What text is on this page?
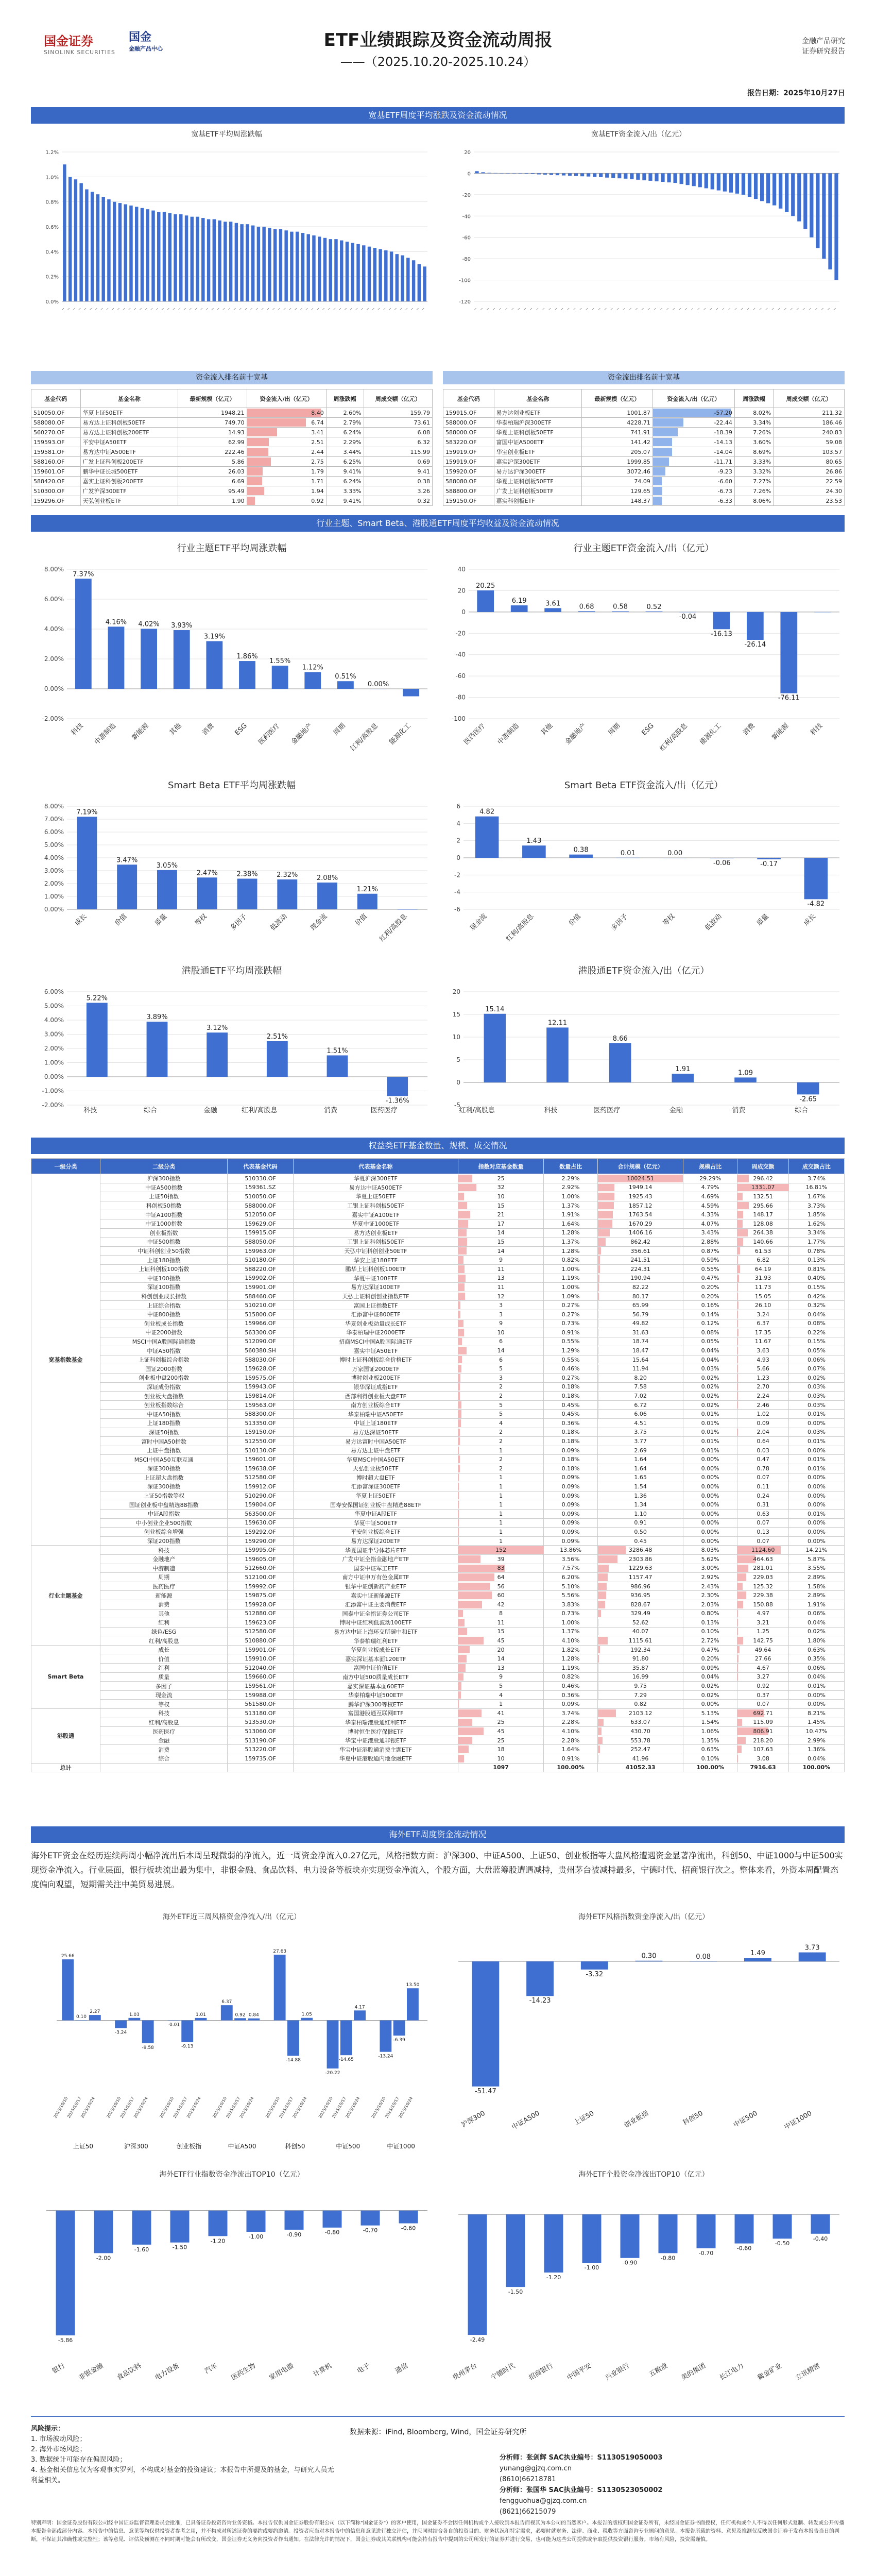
国金证券
SINOLINK SECURITIES
国金
金融产品中心	ETF业绩跟踪及资金流动周报
——（2025.10.20-2025.10.24）
金融产品研究
证券研究报告
报告日期：2025年10月27日
宽基ETF周度平均涨跌及资金流动情况
宽基ETF平均周涨跌幅	宽基ETF资金流入/出（亿元）
1.2%
1.0%
0.8%
0.6%
0.4%
0.2%
0.0%
— — — — — — — — — — — — — — — — — — — — — — — — — — — — — — — — — — — — — — — — — — — — — — — — — — — — — — — — — — — — — — — — — —
20
0
-20
-40
-60
-80
-100
-120
— — — — — — — — — — — — — — — — — — — — — — — — — — — — — — — — — — — — — — — — — — — — — — — — — — — — — — — — — — —
资金流入排名前十宽基	资金流出排名前十宽基
基金代码	基金名称	最新规模（亿元）	资金流入/出（亿元）	周涨跌幅	周成交额（亿元）
510050.OF	华夏上证50ETF	1948.21	8.40	2.60%	159.79
588080.OF	易方达上证科创板50ETF	749.70	6.74	2.79%	73.61
560270.OF	易方达上证科创板200ETF	14.93	3.41	6.24%	6.08
159593.OF	平安中证A50ETF	62.99	2.51	2.29%	6.32
159581.OF	易方达中证A500ETF	222.46	2.44	3.44%	115.99
588160.OF	广发上证科创板200ETF	5.86	2.75	6.25%	0.69
159601.OF	鹏华中证长城500ETF	26.03	1.79	9.41%	9.41
588420.OF	嘉实上证科创板200ETF	6.69	1.71	6.24%	0.38
510300.OF	广发沪深300ETF	95.49	1.94	3.33%	3.26
159296.OF	天弘创业板ETF	1.90	0.92	9.41%	0.32
基金代码	基金名称	最新规模（亿元）	资金流入/出（亿元）	周涨跌幅	周成交额（亿元）
159915.OF	易方达创业板ETF	1001.87	-57.20	8.02%	211.32
588000.OF	华泰柏瑞沪深300ETF	4228.71	-22.44	3.34%	186.46
588000.OF	华夏上证科创板50ETF	741.91	-18.39	7.26%	240.83
583220.OF	富国中证A500ETF	141.42	-14.13	3.60%	59.08
159919.OF	华宝创业板ETF	205.07	-14.04	8.69%	103.57
159919.OF	嘉实沪深300ETF	1999.85	-11.71	3.33%	80.65
159920.OF	易方达沪深300ETF	3072.46	-9.23	3.32%	26.86
588080.OF	华夏上证科创板50ETF	74.09	-6.60	7.27%	22.59
588800.OF	广发上证科创板50ETF	129.65	-6.73	7.26%	24.30
159150.OF	嘉实科创板ETF	148.37	-6.33	8.06%	23.53
行业主题、Smart Beta、港股通ETF周度平均收益及资金流动情况
行业主题ETF平均周涨跌幅	行业主题ETF资金流入/出（亿元）
8.00%
6.00%
4.00%
2.00%
0.00%
-2.00%
7.37%
科技
4.16%
中游制造
4.02%
新能源
3.93%
其他
3.19%
消费
1.86%
ESG
1.55%
医药医疗
1.12%
金融地产
0.51%
周期
0.00%
红利/高股息 能源化工
40
20
0
-20
-40
-60
-80
-100
20.25
医药医疗
6.19
中游制造
3.61
其他
0.68
金融地产
0.58
周期
0.52
ESG
-0.04
红利/高股息
-16.13
能源化工
-26.14
消费
-76.11
新能源	科技
Smart Beta ETF平均周涨跌幅	Smart Beta ETF资金流入/出（亿元）
8.00%
7.00%
6.00%
5.00%
4.00%
3.00%
2.00%
1.00%
0.00%
7.19%
成长
3.47%
价值
3.05%
质量
2.47%
等权
2.38%
多因子
2.32%
低波动
2.08%
现金流
1.21%
价值 红利/高股息
6
4
2
0
-2
-4
-6
4.82
现金流
1.43
红利/高股息
0.38
价值
0.01
多因子
0.00
等权
-0.06
低波动
-0.17
质量
-4.82
成长
港股通ETF平均周涨跌幅	港股通ETF资金流入/出（亿元）
6.00%
5.00%
4.00%
3.00%
2.00%
1.00%
0.00%
-1.00%
-2.00%
5.22%
科技
3.89%
综合
3.12%
金融
2.51%
红利/高股息
1.51%
消费
-1.36%
医药医疗
20
15
10
5
0
-5
15.14
红利/高股息
12.11
科技
8.66
医药医疗
1.91
金融
1.09
消费
-2.65
综合
权益类ETF基金数量、规模、成交情况
一级分类	二级分类	代表基金代码	代表基金名称	指数对应基金数量	数量占比	合计规模（亿元）	规模占比	周成交额	成交额占比
宽基指数基金	沪深300指数	510330.OF	华夏沪深300ETF	25	2.29%	10024.51	29.29%	296.42	3.74%
	中证A500指数	159361.SZ	易方达中证A500ETF	32	2.92%	1949.14	4.79%	1331.07	16.81%
	上证50指数	510050.OF	华夏上证50ETF	10	1.00%	1925.43	4.69%	132.51	1.67%
	科创板50指数	588000.OF	工银上证科创板50ETF	15	1.37%	1857.12	4.59%	295.66	3.73%
	中证A100指数	512050.OF	嘉实中证A100ETF	21	1.91%	1763.54	4.33%	148.17	1.85%
	中证1000指数	159629.OF	华夏中证1000ETF	17	1.64%	1670.29	4.07%	128.08	1.62%
	创业板指数	159915.OF	易方达创业板ETF	14	1.28%	1406.16	3.43%	264.38	3.34%
	中证500指数	588050.OF	工银上证科创板50ETF	15	1.37%	862.42	2.88%	140.66	1.77%
	中证科创创业50指数	159963.OF	天弘中证科创创业50ETF	14	1.28%	356.61	0.87%	61.53	0.78%
	上证180指数	510180.OF	华安上证180ETF	9	0.82%	241.51	0.59%	6.82	0.13%
	上证科创板100指数	588220.OF	鹏华上证科创板100ETF	11	1.00%	224.31	0.55%	64.19	0.81%
	中证100指数	159902.OF	华夏中证100ETF	13	1.19%	190.94	0.47%	31.93	0.40%
	深证100指数	159901.OF	易方达深证100ETF	11	1.00%	82.22	0.20%	11.73	0.15%
	科创创业成长指数	588460.OF	天弘上证科创创业指数ETF	12	1.09%	80.17	0.20%	15.05	0.42%
	上证综合指数	510210.OF	富国上证指数ETF	3	0.27%	65.99	0.16%	26.10	0.32%
	中证800指数	515800.OF	汇添富中证800ETF	3	0.27%	56.79	0.14%	3.24	0.04%
	创业板成长指数	159966.OF	华夏创业板动量成长ETF	9	0.73%	49.82	0.12%	6.37	0.08%
	中证2000指数	563300.OF	华泰柏瑞中证2000ETF	10	0.91%	31.63	0.08%	17.35	0.22%
	MSCI中国A股国际通指数	512090.OF	招商MSCI中国A股国际通ETF	6	0.55%	18.74	0.05%	11.67	0.15%
	中证A50指数	560380.SH	嘉实中证A50ETF	14	1.29%	18.47	0.04%	3.63	0.05%
	上证科创板综合指数	588030.OF	博时上证科创板综合价格ETF	6	0.55%	15.64	0.04%	4.93	0.06%
	国证2000指数	159628.OF	万家国证2000ETF	5	0.46%	11.94	0.03%	5.66	0.07%
	创业板中盘200指数	159575.OF	博时创业板200ETF	3	0.27%	8.20	0.02%	1.23	0.02%
	深证成份指数	159943.OF	银华深证成指ETF	2	0.18%	7.58	0.02%	2.70	0.03%
	创业板大盘指数	159814.OF	西部利得创业板大盘ETF	2	0.18%	7.02	0.02%	2.24	0.03%
	创业板指数综合	159563.OF	南方创业板综合ETF	5	0.45%	6.72	0.02%	2.46	0.03%
	中证A50指数	588300.OF	华泰柏瑞中证A50ETF	5	0.45%	6.06	0.01%	1.02	0.01%
	上证180指数	513350.OF	中证上证180ETF	4	0.36%	4.51	0.01%	0.09	0.00%
	深证50指数	159150.OF	易方达深证50ETF	2	0.18%	3.75	0.01%	2.04	0.03%
	富时中国A50指数	512550.OF	易方达富时中国A50ETF	2	0.18%	3.77	0.01%	0.64	0.01%
	上证中盘指数	510130.OF	易方达上证中盘ETF	1	0.09%	2.69	0.01%	0.03	0.00%
	MSCI中国A50互联互通	159601.OF	华夏MSCI中国A50ETF	2	0.18%	1.64	0.00%	0.47	0.01%
	深证300指数	159638.OF	天弘创业板50ETF	2	0.18%	1.64	0.00%	0.78	0.01%
	上证超大盘指数	512580.OF	博时超大盘ETF	1	0.09%	1.65	0.00%	0.07	0.00%
	深证300指数	159912.OF	汇添富深证300ETF	1	0.09%	1.54	0.00%	0.11	0.00%
	上证50指数等权	510290.OF	华夏上证50ETF	1	0.09%	1.36	0.00%	0.24	0.00%
	国证创业板中盘精选88指数	159804.OF	国寿安保国证创业板中盘精选88ETF	1	0.09%	1.34	0.00%	0.31	0.00%
	中证A股指数	563500.OF	华夏中证A股ETF	1	0.09%	1.10	0.00%	0.63	0.01%
	中小创业企业500指数	159630.OF	华夏中证500ETF	1	0.09%	0.91	0.00%	0.07	0.00%
	创业板综合增强	159292.OF	平安创业板综合ETF	1	0.09%	0.50	0.00%	0.13	0.00%
	深证200指数	159290.OF	易方达深证200ETF	1	0.09%	0.45	0.00%	0.07	0.00%
行业主题基金	科技	159995.OF	华夏国证半导体芯片ETF	152	13.86%	3286.48	8.03%	1124.60	14.21%
	金融地产	159605.OF	广发中证全指金融地产ETF	39	3.56%	2303.86	5.62%	464.63	5.87%
	中游制造	512660.OF	国泰中证军工ETF	83	7.57%	1229.63	3.00%	281.01	3.55%
	周期	512100.OF	南方中证申万有色金属ETF	64	6.20%	1157.47	2.92%	229.03	2.89%
	医药医疗	159992.OF	银华中证创新药产业ETF	56	5.10%	986.96	2.43%	125.32	1.58%
	新能源	159875.OF	嘉实中证新能源ETF	60	5.56%	936.95	2.30%	229.38	2.89%
	消费	159928.OF	汇添富中证主要消费ETF	42	3.83%	828.67	2.03%	150.88	1.91%
	其他	512880.OF	国泰中证全指证券公司ETF	8	0.73%	329.49	0.80%	4.97	0.06%
	红利	159623.OF	博时中证红利低波动100ETF	11	1.00%	52.62	0.13%	3.21	0.04%
	绿色/ESG	512580.OF	易方达中证上海环交所碳中和ETF	15	1.37%	40.07	0.10%	1.25	0.02%
	红利/高股息	510880.OF	华泰柏瑞红利ETF	45	4.10%	1115.61	2.72%	142.75	1.80%
Smart Beta	成长	159901.OF	华夏创业板成长ETF	20	1.82%	192.34	0.47%	49.64	0.63%
	价值	159910.OF	嘉实深证基本面120ETF	14	1.28%	91.80	0.20%	27.66	0.35%
	红利	512040.OF	富国中证价值ETF	13	1.19%	35.87	0.09%	4.67	0.06%
	质量	159660.OF	南方中证500质量成长ETF	9	0.82%	16.99	0.04%	3.27	0.04%
	多因子	159561.OF	嘉实深证基本面60ETF	5	0.46%	9.75	0.02%	0.92	0.01%
	现金流	159988.OF	华泰柏瑞中证500ETF	4	0.36%	7.29	0.02%	0.37	0.00%
	等权	561580.OF	鹏华沪深300等权ETF	1	0.09%	0.82	0.00%	0.07	0.00%
港股通	科技	513180.OF	富国港股通互联网ETF	41	3.74%	2103.12	5.13%	692.71	8.21%
	红利/高股息	513530.OF	华泰柏瑞港股通红利ETF	25	2.28%	633.07	1.54%	115.09	1.45%
	医药医疗	513060.OF	博时恒生医疗保健ETF	45	4.10%	430.70	1.06%	806.91	10.47%
	金融	513190.OF	华宝中证港股通非银ETF	25	2.28%	553.78	1.35%	218.20	2.99%
	消费	513220.OF	华宝中证港股通消费主题ETF	18	1.64%	252.47	0.63%	107.63	1.36%
	综合	159735.OF	华夏中证港股通内地金融ETF	10	0.91%	41.96	0.10%	3.08	0.04%
总计				1097	100.00%	41052.33	100.00%	7916.63	100.00%
海外ETF周度资金流动情况
海外ETF资金在经历连续两周小幅净流出后本周呈现微弱的净流入，近一周资金净流入0.27亿元，风格指数方面：沪深300、中证A500、上证50、创业板指等大盘风格遭遇资金显著净流出，科创50、中证1000与中证500实现资金净流入。行业层面，银行板块流出最为集中，非银金融、食品饮料、电力设备等板块亦实现资金净流入，个股方面，大盘蓝筹股遭遇减持，贵州茅台被减持最多，宁德时代、招商银行次之。整体来看，外资本周配置态度偏向观望，短期需关注中美贸易进展。
海外ETF近三周风格资金净流入/出（亿元）	海外ETF风格指数资金净流入/出（亿元）
25.66
2025/10/10
0.10
2025/10/17
2.27
2025/10/24
上证50
-3.24
2025/10/10
1.03
2025/10/17
-9.58
2025/10/24
沪深300
-0.01
2025/10/10
-9.13
2025/10/17
1.01
2025/10/24
创业板指
6.37
2025/10/10
0.92
2025/10/17
0.84
2025/10/24
中证A500
27.63
2025/10/10
-14.88
2025/10/17
1.05
2025/10/24
科创50
-20.22
2025/10/10
-14.65
2025/10/17
4.17
2025/10/24
中证500
-13.24
2025/10/10
-6.39
2025/10/17
13.50
2025/10/24
中证1000
-51.47
沪深300
-14.23
中证A500
-3.32
上证50
0.30
创业板指
0.08
科创50
1.49
中证500
3.73
中证1000
海外ETF行业指数资金净流出TOP10（亿元）	海外ETF个股资金净流出TOP10（亿元）
-5.86
银行
-2.00
非银金融
-1.60
食品饮料
-1.50
电力设备
-1.20
汽车
-1.00
医药生物
-0.90
家用电器
-0.80
计算机
-0.70
电子
-0.60
通信
-2.49
贵州茅台
-1.50
宁德时代
-1.20
招商银行
-1.00
中国平安
-0.90
兴业银行
-0.80
五粮液
-0.70
美的集团
-0.60
长江电力
-0.50
紫金矿业
-0.40
立讯精密
风险提示：
1. 市场波动风险；
2. 海外市场风险；
3. 数据统计可能存在偏误风险；
4. 基金相关信息仅为客观事实罗列，不构成对基金的投资建议；本报告中所提及的基金，与研究人员无利益相关。
数据来源：iFind, Bloomberg, Wind，国金证券研究所
分析师：张剑辉 SAC执业编号：S1130519050003
yunang@gjzq.com.cn
(8610)66218781
分析师：张国华 SAC执业编号：S1130523050002
fengguohua@gjzq.com.cn
(8621)66215079
特别声明：国金证券股份有限公司经中国证券监督管理委员会批准，已具备证券投资咨询业务资格。本报告仅供国金证券股份有限公司（以下简称"国金证券"）的客户使用，国金证券不会因任何机构或个人接收到本报告而视其为本公司的当然客户。本报告的版权归国金证券所有，未经国金证券书面授权，任何机构或个人不得以任何形式复制、转发或公开传播本报告全部或部分内容。本报告中的信息、意见等均仅供投资者参考之用，并不构成对所述证券的要约或要约邀请。投资者应当对本报告中的信息和意见进行独立评估，并应同时结合各自的投资目的、财务状况和特定需求，必要时就财务、法律、商业、税收等方面咨询专业顾问的意见。本报告所载的资料、意见及推测仅反映国金证券于发布本报告当日的判断，不保证其准确性或完整性；该等意见、评估及预测在不同时期可能会有所改变，国金证券无义务向投资者作出通知。在法律允许的情况下，国金证券或其关联机构可能会持有报告中提到的公司所发行的证券并进行交易，也可能为这些公司提供或争取提供投资银行服务。市场有风险，投资需谨慎。
